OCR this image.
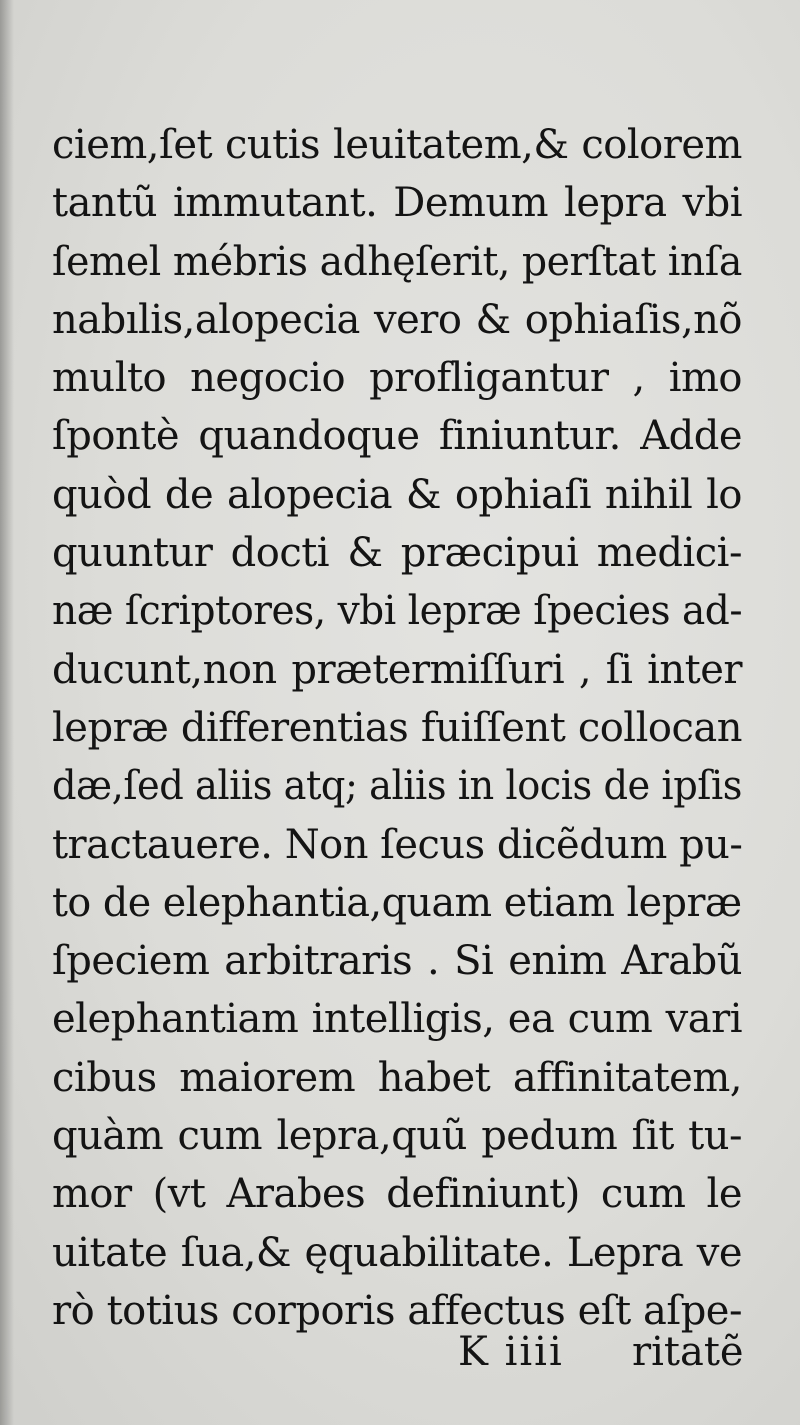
ciem,ſet cutis leuitatem,& colorem
tantũ immutant. Demum lepra vbi
ſemel mébris adhęſerit, perſtat inſa
nabılis,alopecia vero & ophiaſis,nõ
multo negocio profligantur , imo
ſpontè quandoque finiuntur. Adde
quòd de alopecia & ophiaſi nihil lo
quuntur docti & præcipui medici-
næ ſcriptores, vbi lepræ ſpecies ad-
ducunt,non prætermiſſuri , ſi inter
lepræ differentias fuiſſent collocan
dæ,ſed aliis atq; aliis in locis de ipſis
tractauere. Non ſecus dicẽdum pu-
to de elephantia,quam etiam lepræ
ſpeciem arbitraris . Si enim Arabũ
elephantiam intelligis, ea cum vari
cibus maiorem habet affinitatem,
quàm cum lepra,quũ pedum ſit tu-
mor (vt Arabes definiunt) cum le
uitate ſua,& ęquabilitate. Lepra ve
rò totius corporis affectus eſt aſpe-
K iiii ritatẽ
